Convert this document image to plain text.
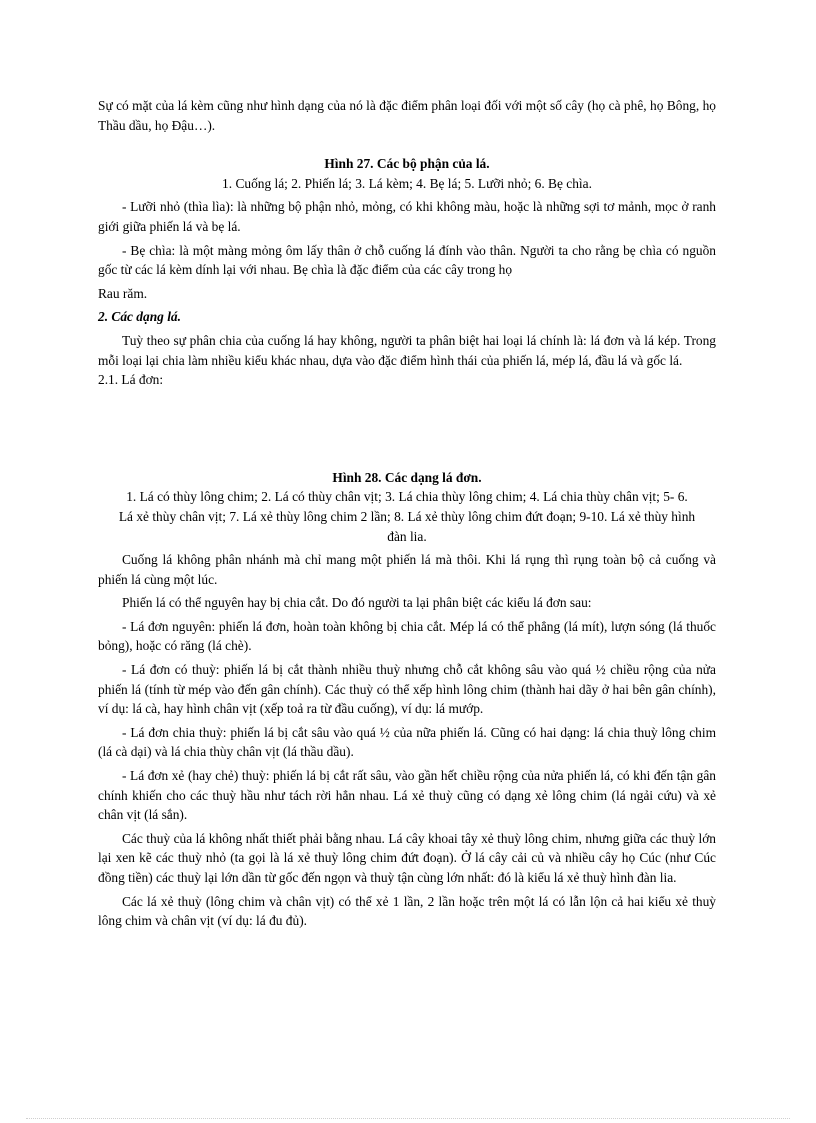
Sự có mặt của lá kèm cũng như hình dạng của nó là đặc điểm phân loại đối với một số cây (họ cà phê, họ Bông, họ Thầu dầu, họ Đậu…).

Hình 27. Các bộ phận của lá.

1. Cuống lá; 2. Phiến lá; 3. Lá kèm; 4. Bẹ lá; 5. Lưỡi nhỏ; 6. Bẹ chìa.

- Lưỡi nhỏ (thìa lìa): là những bộ phận nhỏ, mỏng, có khi không màu, hoặc là những sợi tơ mảnh, mọc ở ranh giới giữa phiến lá và bẹ lá.

- Bẹ chìa: là một màng mỏng ôm lấy thân ở chỗ cuống lá đính vào thân. Người ta cho rằng bẹ chìa có nguồn gốc từ các lá kèm dính lại với nhau. Bẹ chìa là đặc điểm của các cây trong họ

Rau răm.

2. Các dạng lá.

Tuỳ theo sự phân chia của cuống lá hay không, người ta phân biệt hai loại lá chính là: lá đơn và lá kép. Trong mỗi loại lại chia làm nhiều kiểu khác nhau, dựa vào đặc điểm hình thái của phiến lá, mép lá, đầu lá và gốc lá.

2.1. Lá đơn:

Hình 28. Các dạng lá đơn.

1. Lá có thùy lông chim; 2. Lá có thùy chân vịt; 3. Lá chia thùy lông chim; 4. Lá chia thùy chân vịt; 5- 6. Lá xẻ thùy chân vịt; 7. Lá xẻ thùy lông chim 2 lần; 8. Lá xẻ thùy lông chim đứt đoạn; 9-10. Lá xẻ thùy hình đàn lia.

Cuống lá không phân nhánh mà chỉ mang một phiến lá mà thôi. Khi lá rụng thì rụng toàn bộ cả cuống và phiến lá cùng một lúc.

Phiến lá có thể nguyên hay bị chia cắt. Do đó người ta lại phân biệt các kiểu lá đơn sau:

- Lá đơn nguyên: phiến lá đơn, hoàn toàn không bị chia cắt. Mép lá có thể phẳng (lá mít), lượn sóng (lá thuốc bỏng), hoặc có răng (lá chè).

- Lá đơn có thuỳ: phiến lá bị cắt thành nhiều thuỳ nhưng chỗ cắt không sâu vào quá ½ chiều rộng của nửa phiến lá (tính từ mép vào đến gân chính). Các thuỳ có thể xếp hình lông chim (thành hai dãy ở hai bên gân chính), ví dụ: lá cà, hay hình chân vịt (xếp toả ra từ đầu cuống), ví dụ: lá mướp.

- Lá đơn chia thuỳ: phiến lá bị cắt sâu vào quá ½ của nữa phiến lá. Cũng có hai dạng: lá chia thuỳ lông chim (lá cà dại) và lá chia thùy chân vịt (lá thầu dầu).

- Lá đơn xẻ (hay chẻ) thuỳ: phiến lá bị cắt rất sâu, vào gần hết chiều rộng của nửa phiến lá, có khi đến tận gân chính khiến cho các thuỳ hầu như tách rời hẳn nhau. Lá xẻ thuỳ cũng có dạng xẻ lông chim (lá ngải cứu) và xẻ chân vịt (lá sắn).

Các thuỳ của lá không nhất thiết phải bằng nhau. Lá cây khoai tây xẻ thuỳ lông chim, nhưng giữa các thuỳ lớn lại xen kẽ các thuỳ nhỏ (ta gọi là lá xẻ thuỳ lông chim đứt đoạn). Ở lá cây cải củ và nhiều cây họ Cúc (như Cúc đồng tiền) các thuỳ lại lớn dần từ gốc đến ngọn và thuỳ tận cùng lớn nhất: đó là kiểu lá xẻ thuỳ hình đàn lia.

Các lá xẻ thuỳ (lông chim và chân vịt) có thể xẻ 1 lần, 2 lần hoặc trên một lá có lẫn lộn cả hai kiểu xẻ thuỳ lông chim và chân vịt (ví dụ: lá đu đủ).
